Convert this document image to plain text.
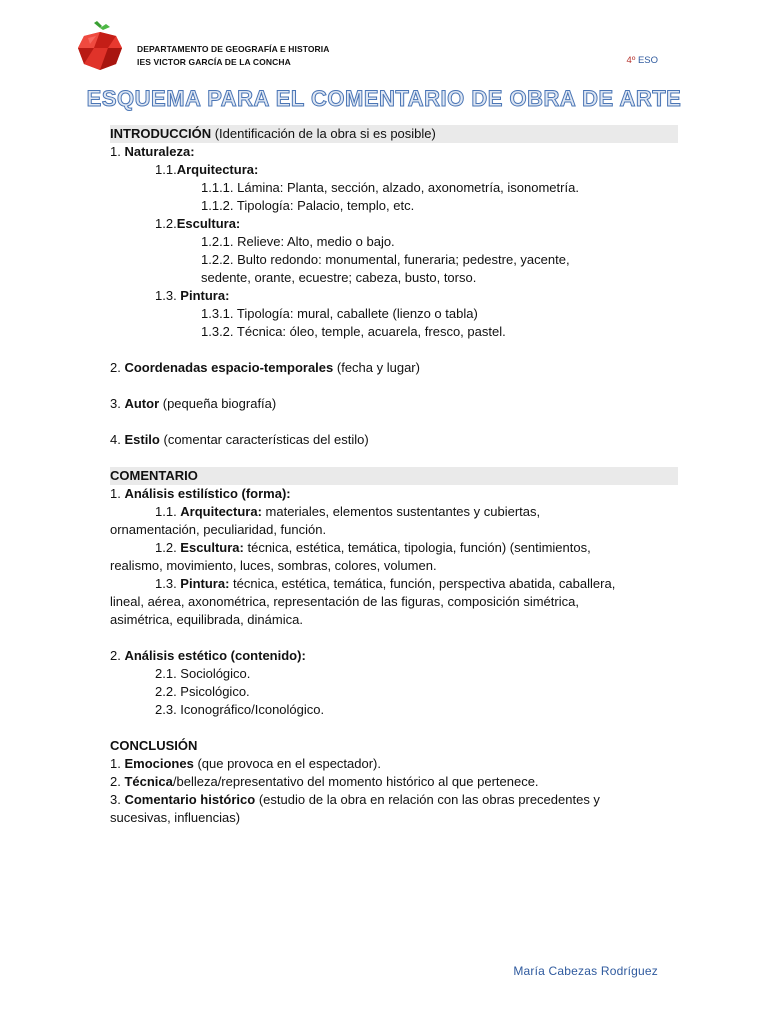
DEPARTAMENTO DE GEOGRAFÍA E HISTORIA
IES VICTOR GARCÍA DE LA CONCHA	4º ESO
ESQUEMA PARA EL COMENTARIO DE OBRA DE ARTE
INTRODUCCIÓN (Identificación de la obra si es posible)
1. Naturaleza:
1.1.Arquitectura:
1.1.1. Lámina: Planta, sección, alzado, axonometría, isonometría.
1.1.2. Tipología: Palacio, templo, etc.
1.2.Escultura:
1.2.1. Relieve: Alto, medio o bajo.
1.2.2. Bulto redondo: monumental, funeraria; pedestre, yacente,
sedente, orante, ecuestre; cabeza, busto, torso.
1.3. Pintura:
1.3.1. Tipología: mural, caballete (lienzo o tabla)
1.3.2. Técnica: óleo, temple, acuarela, fresco, pastel.
2. Coordenadas espacio-temporales (fecha y lugar)
3. Autor (pequeña biografía)
4. Estilo (comentar características del estilo)
COMENTARIO
1. Análisis estilístico (forma):
1.1. Arquitectura: materiales, elementos sustentantes y cubiertas,
ornamentación, peculiaridad, función.
1.2. Escultura: técnica, estética, temática, tipologia, función) (sentimientos,
realismo, movimiento, luces, sombras, colores, volumen.
1.3. Pintura: técnica, estética, temática, función, perspectiva abatida, caballera,
lineal, aérea, axonométrica, representación de las figuras, composición simétrica,
asimétrica, equilibrada, dinámica.
2. Análisis estético (contenido):
2.1. Sociológico.
2.2. Psicológico.
2.3. Iconográfico/Iconológico.
CONCLUSIÓN
1. Emociones (que provoca en el espectador).
2. Técnica/belleza/representativo del momento histórico al que pertenece.
3. Comentario histórico (estudio de la obra en relación con las obras precedentes y
sucesivas, influencias)
María Cabezas Rodríguez
